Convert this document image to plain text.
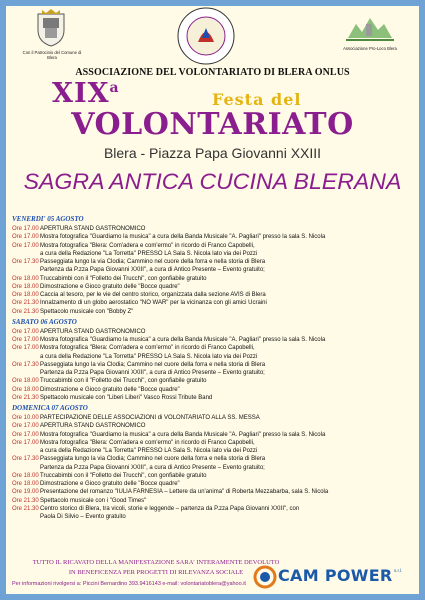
Con il Patrocinio del Comune di Blera
Associazione Pro-Loco Blera
ASSOCIAZIONE DEL VOLONTARIATO DI BLERA ONLUS
XIX$^a$
Festa del
VOLONTARIATO
Blera - Piazza Papa Giovanni XXIII
SAGRA ANTICA CUCINA BLERANA
VENERDI' 05 AGOSTO
Ore 17.00 APERTURA STAND GASTRONOMICO
Ore 17.00 Mostra fotografica "Guardiamo la musica" a cura della Banda Musicale "A. Pagliari" presso la sala S. Nicola
Ore 17.00 Mostra fotografica "Blera: Com'adera e com'ermo" in ricordo di Franco Capobelli,
a cura della Redazione "La Torretta" PRESSO LA Sala S. Nicola lato via dei Pozzi
Ore 17.30 Passeggiata lungo la via Clodia; Cammino nel cuore della forra e nella storia di Blera
Partenza da P.zza Papa Giovanni XXIII", a cura di Antico Presente – Evento gratuito;
Ore 18.00 Truccabimbi con il "Folletto dei Trucchi", con gonfiabile gratuito
Ore 18.00 Dimostrazione e Gioco gratuito delle "Bocce quadre"
Ore 18.00 Caccia al tesoro, per le vie del centro storico, organizzata dalla sezione AVIS di Blera
Ore 21.30 Innalzamento di un globo aerostatico "NO WAR" per la vicinanza con gli amici Ucraini
Ore 21.30 Spettacolo musicale con "Bobby Z"
SABATO 06 AGOSTO
Ore 17.00 APERTURA STAND GASTRONOMICO
Ore 17.00 Mostra fotografica "Guardiamo la musica" a cura della Banda Musicale "A. Pagliari" presso la sala S. Nicola
Ore 17.00 Mostra fotografica "Blera: Com'adera e com'ermo" in ricordo di Franco Capobelli,
a cura della Redazione "La Torretta" PRESSO LA Sala S. Nicola lato via dei Pozzi
Ore 17.30 Passeggiata lungo la via Clodia; Cammino nel cuore della forra e nella storia di Blera
Partenza da P.zza Papa Giovanni XXIII", a cura di Antico Presente – Evento gratuito;
Ore 18.00 Truccabimbi con il "Folletto dei Trucchi", con gonfiabile gratuito
Ore 18.00 Dimostrazione e Gioco gratuito delle "Bocce quadre"
Ore 21.30 Spettacolo musicale con "Liberi Liberi" Vasco Rossi Tribute Band
DOMENICA 07 AGOSTO
Ore 10.00 PARTECIPAZIONE DELLE ASSOCIAZIONI di VOLONTARIATO ALLA SS. MESSA
Ore 17.00 APERTURA STAND GASTRONOMICO
Ore 17.00 Mostra fotografica "Guardiamo la musica" a cura della Banda Musicale "A. Pagliari" presso la sala S. Nicola
Ore 17.00 Mostra fotografica "Blera: Com'adera e com'ermo" in ricordo di Franco Capobelli,
a cura della Redazione "La Torretta" PRESSO LA Sala S. Nicola lato via dei Pozzi
Ore 17.30 Passeggiata lungo la via Clodia; Cammino nel cuore della forra e nella storia di Blera
Partenza da P.zza Papa Giovanni XXIII", a cura di Antico Presente – Evento gratuito;
Ore 18.00 Truccabimbi con il "Folletto dei Trucchi", con gonfiabile gratuito
Ore 18.00 Dimostrazione e Gioco gratuito delle "Bocce quadre"
Ore 19.00 Presentazione del romanzo "IULIA FARNESIA – Lettere da un'anima" di Roberta Mezzabarba, sala S. Nicola
Ore 21.30 Spettacolo musicale con i "Good Times"
Ore 21.30 Centro storico di Blera, tra vicoli, storie e leggende – partenza da P.zza Papa Giovanni XXIII", con
Paola Di Silvio – Evento gratuito
TUTTO IL RICAVATO DELLA MANIFESTAZIONE SARA' INTERAMENTE DEVOLUTO
IN BENEFICENZA PER PROGETTI DI RILEVANZA SOCIALE
Per informazioni rivolgersi a: Piccini Bernardino 393.9416143 e-mail: volontariatoblera@yahoo.it	CAM POWER s.r.l.
